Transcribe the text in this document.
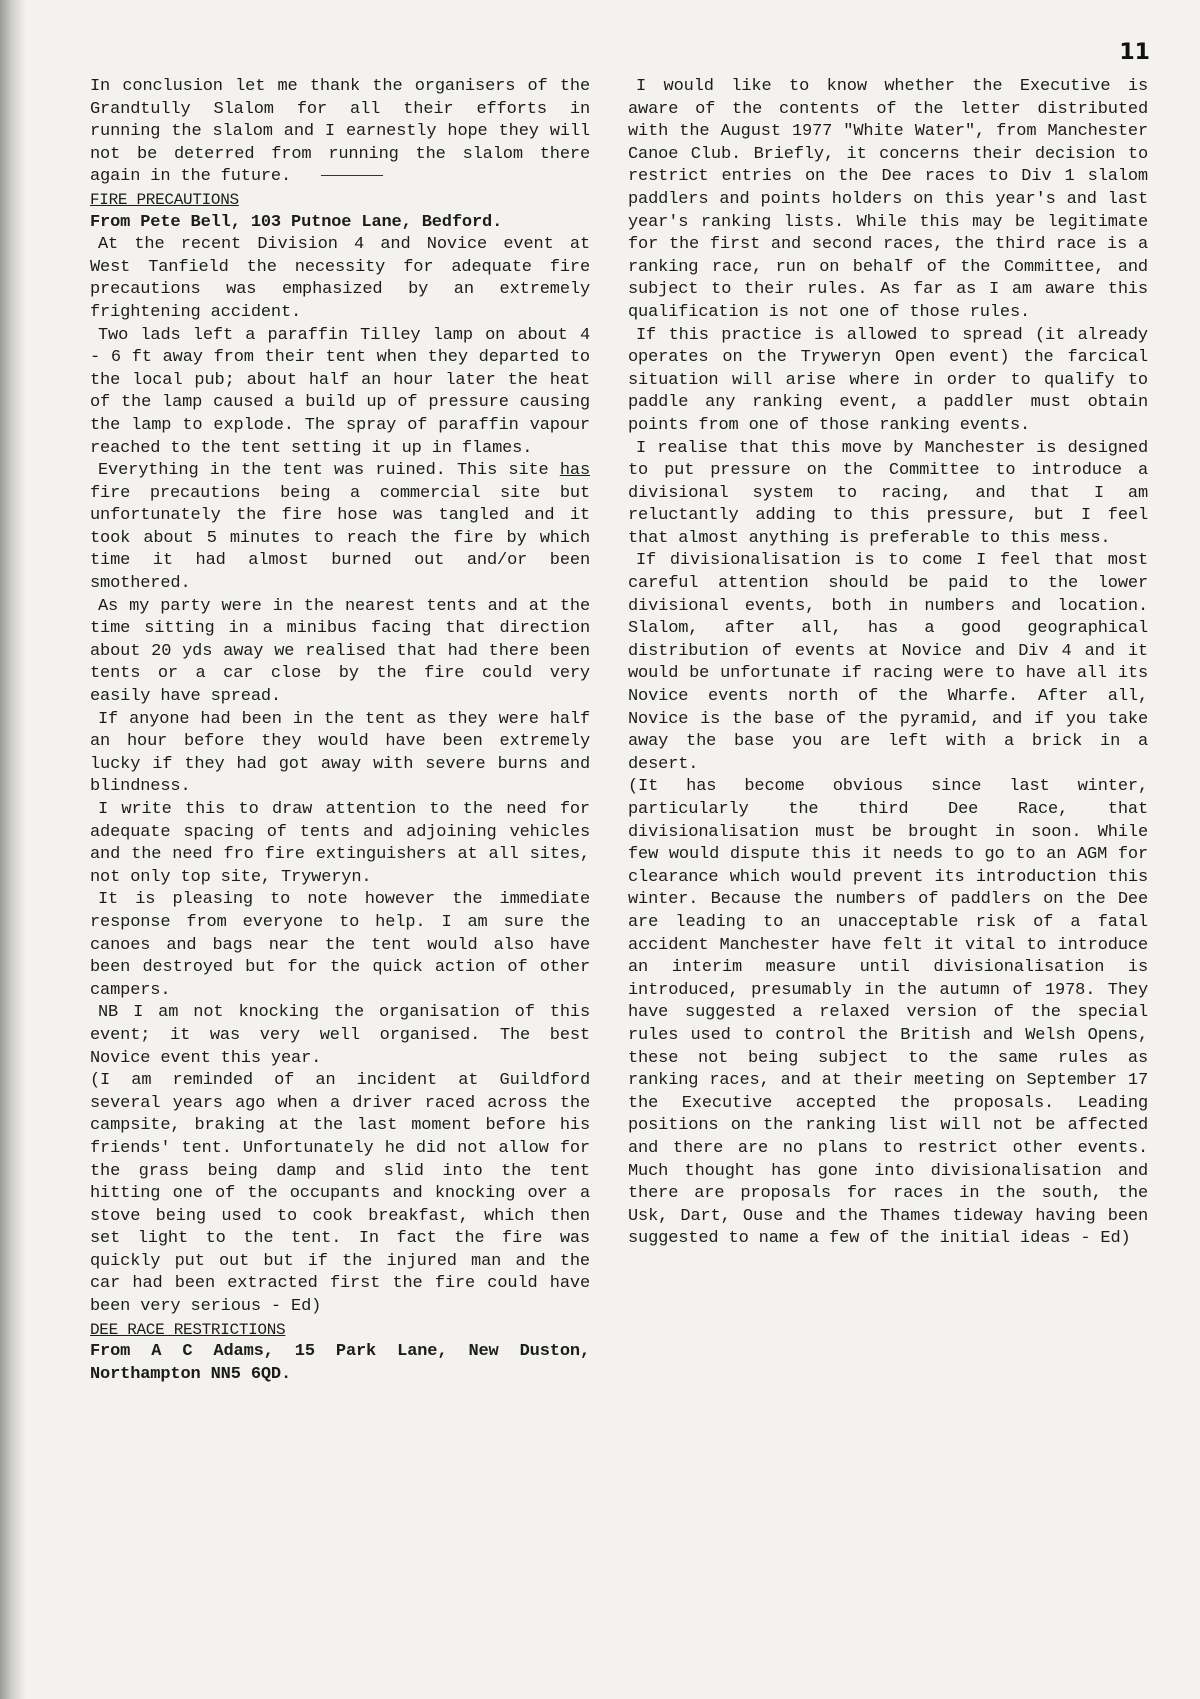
11

In conclusion let me thank the organisers of the Grandtully Slalom for all their efforts in running the slalom and I earnestly hope they will not be deterred from running the slalom there again in the future.

FIRE PRECAUTIONS

From Pete Bell, 103 Putnoe Lane, Bedford.

At the recent Division 4 and Novice event at West Tanfield the necessity for adequate fire precautions was emphasized by an extremely frightening accident.

Two lads left a paraffin Tilley lamp on about 4 - 6 ft away from their tent when they departed to the local pub; about half an hour later the heat of the lamp caused a build up of pressure causing the lamp to explode. The spray of paraffin vapour reached to the tent setting it up in flames.

Everything in the tent was ruined. This site has fire precautions being a commercial site but unfortunately the fire hose was tangled and it took about 5 minutes to reach the fire by which time it had almost burned out and/or been smothered.

As my party were in the nearest tents and at the time sitting in a minibus facing that direction about 20 yds away we realised that had there been tents or a car close by the fire could very easily have spread.

If anyone had been in the tent as they were half an hour before they would have been extremely lucky if they had got away with severe burns and blindness.

I write this to draw attention to the need for adequate spacing of tents and adjoining vehicles and the need fro fire extinguishers at all sites, not only top site, Tryweryn.

It is pleasing to note however the immediate response from everyone to help. I am sure the canoes and bags near the tent would also have been destroyed but for the quick action of other campers.

NB I am not knocking the organisation of this event; it was very well organised. The best Novice event this year.

(I am reminded of an incident at Guildford several years ago when a driver raced across the campsite, braking at the last moment before his friends' tent. Unfortunately he did not allow for the grass being damp and slid into the tent hitting one of the occupants and knocking over a stove being used to cook breakfast, which then set light to the tent. In fact the fire was quickly put out but if the injured man and the car had been extracted first the fire could have been very serious - Ed)

DEE RACE RESTRICTIONS

From A C Adams, 15 Park Lane, New Duston, Northampton NN5 6QD.

I would like to know whether the Executive is aware of the contents of the letter distributed with the August 1977 "White Water", from Manchester Canoe Club. Briefly, it concerns their decision to restrict entries on the Dee races to Div 1 slalom paddlers and points holders on this year's and last year's ranking lists. While this may be legitimate for the first and second races, the third race is a ranking race, run on behalf of the Committee, and subject to their rules. As far as I am aware this qualification is not one of those rules.

If this practice is allowed to spread (it already operates on the Tryweryn Open event) the farcical situation will arise where in order to qualify to paddle any ranking event, a paddler must obtain points from one of those ranking events.

I realise that this move by Manchester is designed to put pressure on the Committee to introduce a divisional system to racing, and that I am reluctantly adding to this pressure, but I feel that almost anything is preferable to this mess.

If divisionalisation is to come I feel that most careful attention should be paid to the lower divisional events, both in numbers and location. Slalom, after all, has a good geographical distribution of events at Novice and Div 4 and it would be unfortunate if racing were to have all its Novice events north of the Wharfe. After all, Novice is the base of the pyramid, and if you take away the base you are left with a brick in a desert.

(It has become obvious since last winter, particularly the third Dee Race, that divisionalisation must be brought in soon. While few would dispute this it needs to go to an AGM for clearance which would prevent its introduction this winter. Because the numbers of paddlers on the Dee are leading to an unacceptable risk of a fatal accident Manchester have felt it vital to introduce an interim measure until divisionalisation is introduced, presumably in the autumn of 1978. They have suggested a relaxed version of the special rules used to control the British and Welsh Opens, these not being subject to the same rules as ranking races, and at their meeting on September 17 the Executive accepted the proposals. Leading positions on the ranking list will not be affected and there are no plans to restrict other events. Much thought has gone into divisionalisation and there are proposals for races in the south, the Usk, Dart, Ouse and the Thames tideway having been suggested to name a few of the initial ideas - Ed)
